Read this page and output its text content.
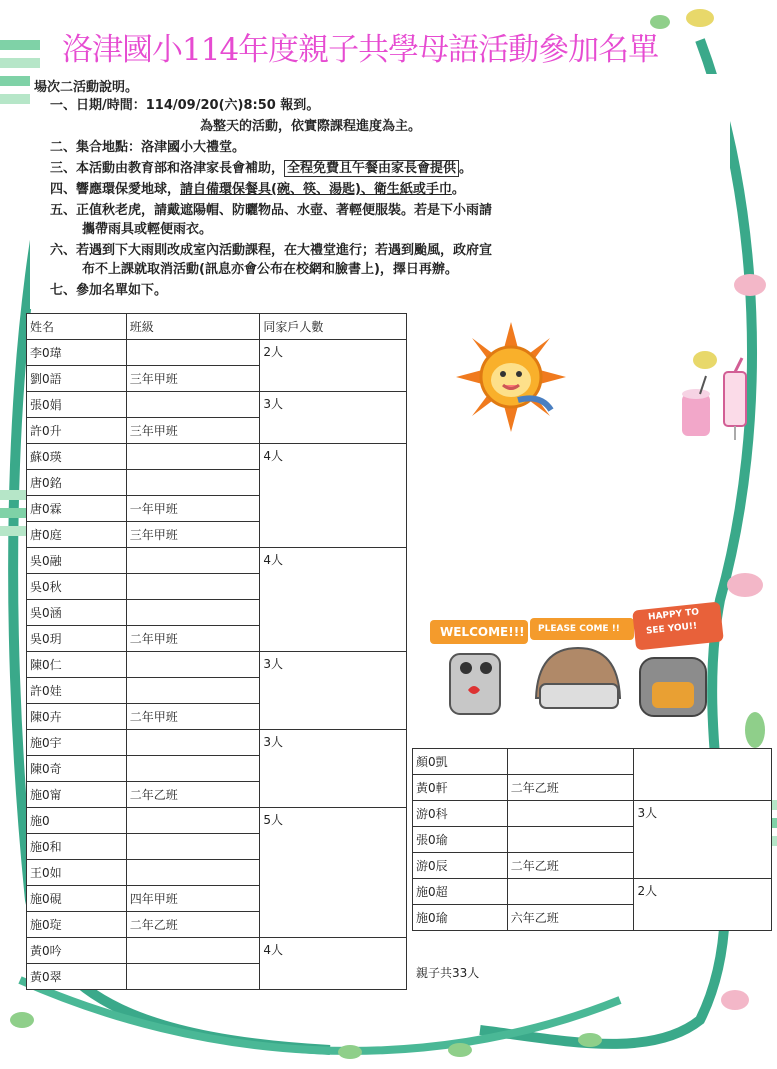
洛津國小114年度親子共學母語活動參加名單
場次二活動說明。
一、日期/時間：114/09/20(六)8:50 報到。
為整天的活動，依實際課程進度為主。
二、集合地點：洛津國小大禮堂。
三、本活動由教育部和洛津家長會補助， 全程免費且午餐由家長會提供 。
四、響應環保愛地球，請自備環保餐具(碗、筷、湯匙)、衛生紙或手巾。
五、正值秋老虎，請戴遮陽帽、防曬物品、水壺、著輕便服裝。若是下小雨請
攜帶雨具或輕便雨衣。
六、若遇到下大雨則改成室內活動課程，在大禮堂進行；若遇到颱風，政府宣
布不上課就取消活動(訊息亦會公布在校網和臉書上)，擇日再辦。
七、參加名單如下。
姓名	班級	同家戶人數
李0瑋		2人
劉0語	三年甲班	
張0娟		3人
許0升	三年甲班	
蘇0瑛		4人
唐0銘		
唐0霖	一年甲班	
唐0庭	三年甲班	
吳0融		4人
吳0秋		
吳0涵		
吳0玥	二年甲班	
陳0仁		3人
許0娃		
陳0卉	二年甲班	
施0宇		3人
陳0奇		
施0甯	二年乙班	
施0		5人
施0和		
王0如		
施0硯	四年甲班	
施0琁	二年乙班	
黃0吟		4人
黃0翠		
顏0凱		
黃0軒	二年乙班	
游0科		3人
張0瑜		
游0辰	二年乙班	
施0超		2人
施0瑜	六年乙班	
親子共33人
WELCOME!!! PLEASE COME !!
HAPPY TO
SEE YOU!!
